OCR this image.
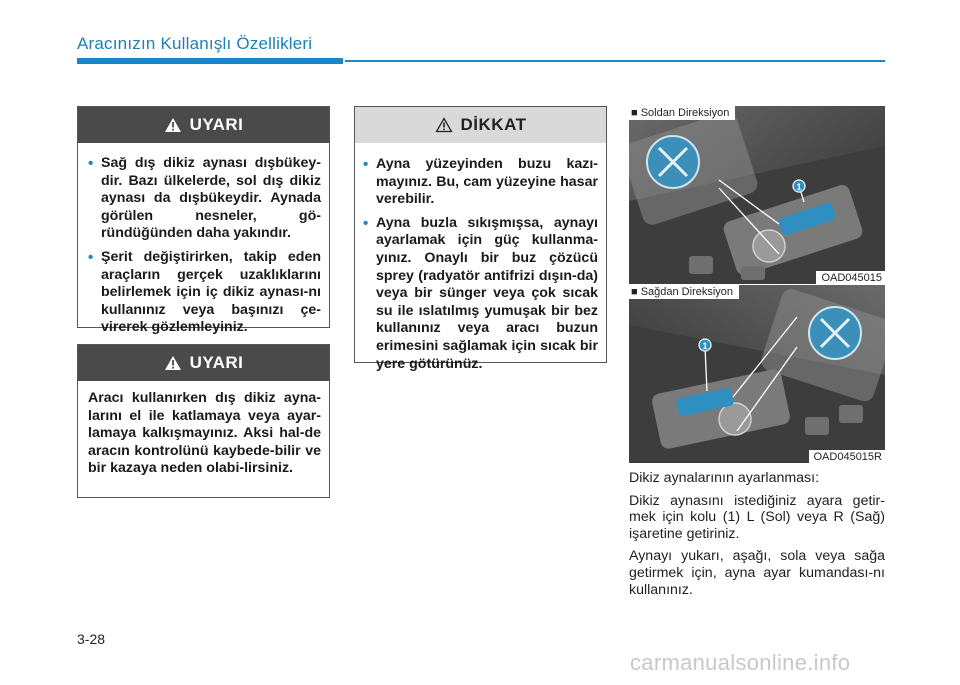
Aracınızın Kullanışlı Özellikleri
UYARI
• Sağ dış dikiz aynası dışbükey-dir. Bazı ülkelerde, sol dış dikiz aynası da dışbükeydir. Aynada görülen nesneler, gö-ründüğünden daha yakındır.
• Şerit değiştirirken, takip eden araçların gerçek uzaklıklarını belirlemek için iç dikiz aynası-nı kullanınız veya başınızı çe-virerek gözlemleyiniz.
UYARI

Aracı kullanırken dış dikiz ayna-larını el ile katlamaya veya ayar-lamaya kalkışmayınız. Aksi hal-de aracın kontrolünü kaybede-bilir ve bir kazaya neden olabi-lirsiniz.

DİKKAT
• Ayna yüzeyinden buzu kazı-mayınız. Bu, cam yüzeyine hasar verebilir.
• Ayna buzla sıkışmışsa, aynayı ayarlamak için güç kullanma-yınız. Onaylı bir buz çözücü sprey (radyatör antifrizi dışın-da) veya bir sünger veya çok sıcak su ile ıslatılmış yumuşak bir bez kullanınız veya aracı buzun erimesini sağlamak için sıcak bir yere götürünüz.
1
■ Soldan Direksiyon
OAD045015
1
■ Sağdan Direksiyon
OAD045015R

Dikiz aynalarının ayarlanması:

Dikiz aynasını istediğiniz ayara getir-mek için kolu (1) L (Sol) veya R (Sağ) işaretine getiriniz.

Aynayı yukarı, aşağı, sola veya sağa getirmek için, ayna ayar kumandası-nı kullanınız.

3-28
carmanualsonline.info
